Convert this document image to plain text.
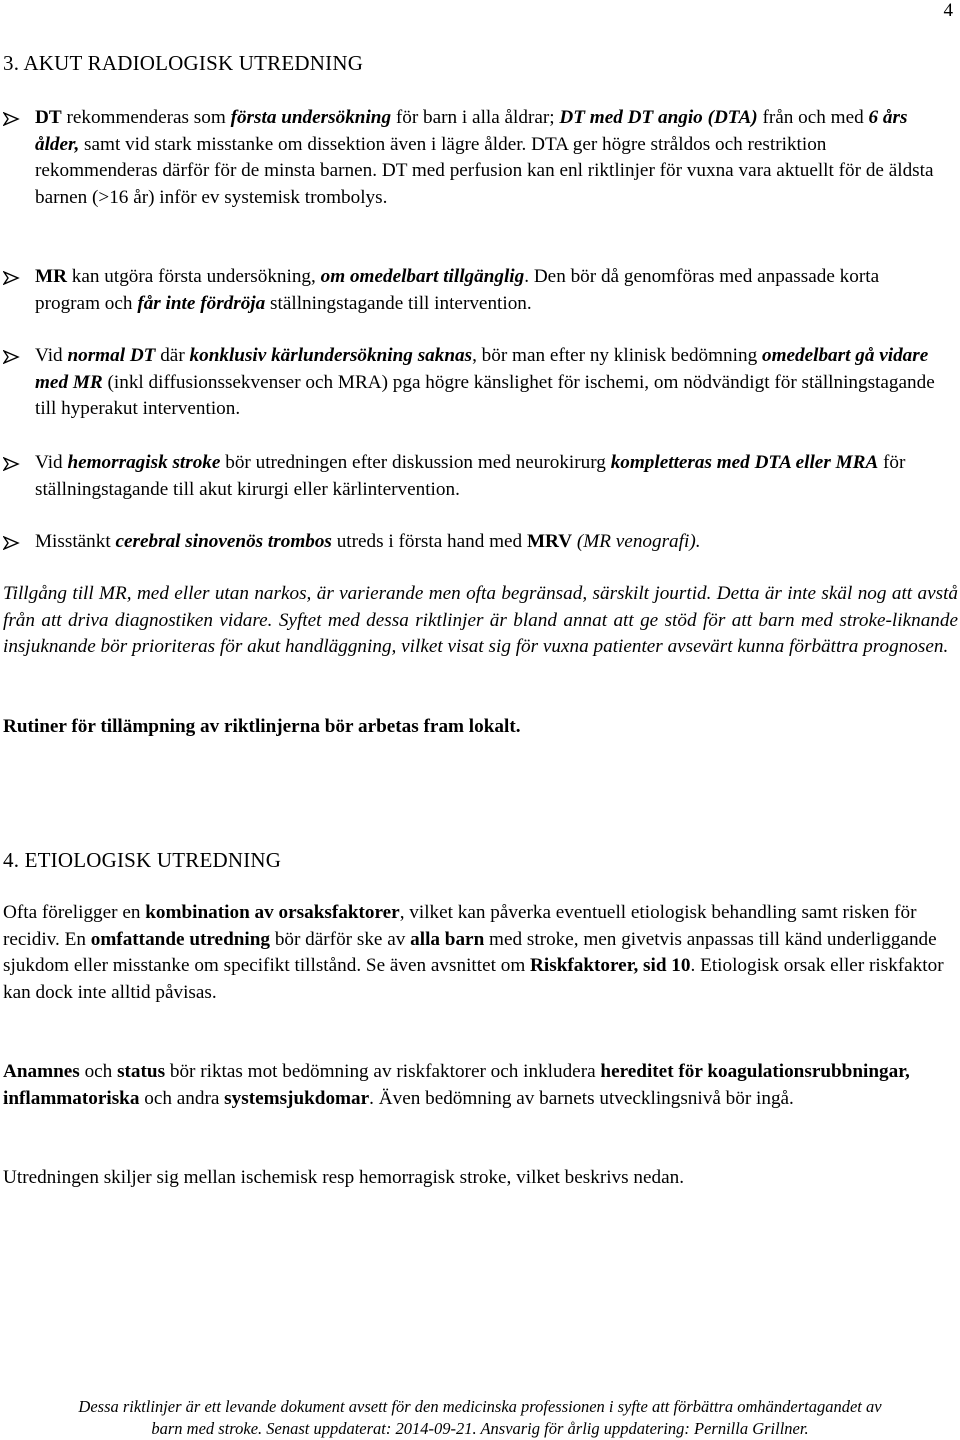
4
3. AKUT RADIOLOGISK UTREDNING
DT rekommenderas som första undersökning för barn i alla åldrar; DT med DT angio (DTA) från och med 6 års ålder, samt vid stark misstanke om dissektion även i lägre ålder. DTA ger högre stråldos och restriktion rekommenderas därför för de minsta barnen. DT med perfusion kan enl riktlinjer för vuxna vara aktuellt för de äldsta barnen (>16 år) inför ev systemisk trombolys.
MR kan utgöra första undersökning, om omedelbart tillgänglig. Den bör då genomföras med anpassade korta program och får inte fördröja ställningstagande till intervention.
Vid normal DT där konklusiv kärlundersökning saknas, bör man efter ny klinisk bedömning omedelbart gå vidare med MR (inkl diffusionssekvenser och MRA) pga högre känslighet för ischemi, om nödvändigt för ställningstagande till hyperakut intervention.
Vid hemorragisk stroke bör utredningen efter diskussion med neurokirurg kompletteras med DTA eller MRA för ställningstagande till akut kirurgi eller kärlintervention.
Misstänkt cerebral sinovenös trombos utreds i första hand med MRV (MR venografi).

Tillgång till MR, med eller utan narkos, är varierande men ofta begränsad, särskilt jourtid. Detta är inte skäl nog att avstå från att driva diagnostiken vidare. Syftet med dessa riktlinjer är bland annat att ge stöd för att barn med stroke-liknande insjuknande bör prioriteras för akut handläggning, vilket visat sig för vuxna patienter avsevärt kunna förbättra prognosen.

Rutiner för tillämpning av riktlinjerna bör arbetas fram lokalt.

4. ETIOLOGISK UTREDNING

Ofta föreligger en kombination av orsaksfaktorer, vilket kan påverka eventuell etiologisk behandling samt risken för recidiv. En omfattande utredning bör därför ske av alla barn med stroke, men givetvis anpassas till känd underliggande sjukdom eller misstanke om specifikt tillstånd. Se även avsnittet om Riskfaktorer, sid 10. Etiologisk orsak eller riskfaktor kan dock inte alltid påvisas.

Anamnes och status bör riktas mot bedömning av riskfaktorer och inkludera hereditet för koagulationsrubbningar, inflammatoriska och andra systemsjukdomar. Även bedömning av barnets utvecklingsnivå bör ingå.

Utredningen skiljer sig mellan ischemisk resp hemorragisk stroke, vilket beskrivs nedan.

Dessa riktlinjer är ett levande dokument avsett för den medicinska professionen i syfte att förbättra omhändertagandet av
barn med stroke. Senast uppdaterat: 2014-09-21. Ansvarig för årlig uppdatering: Pernilla Grillner.
